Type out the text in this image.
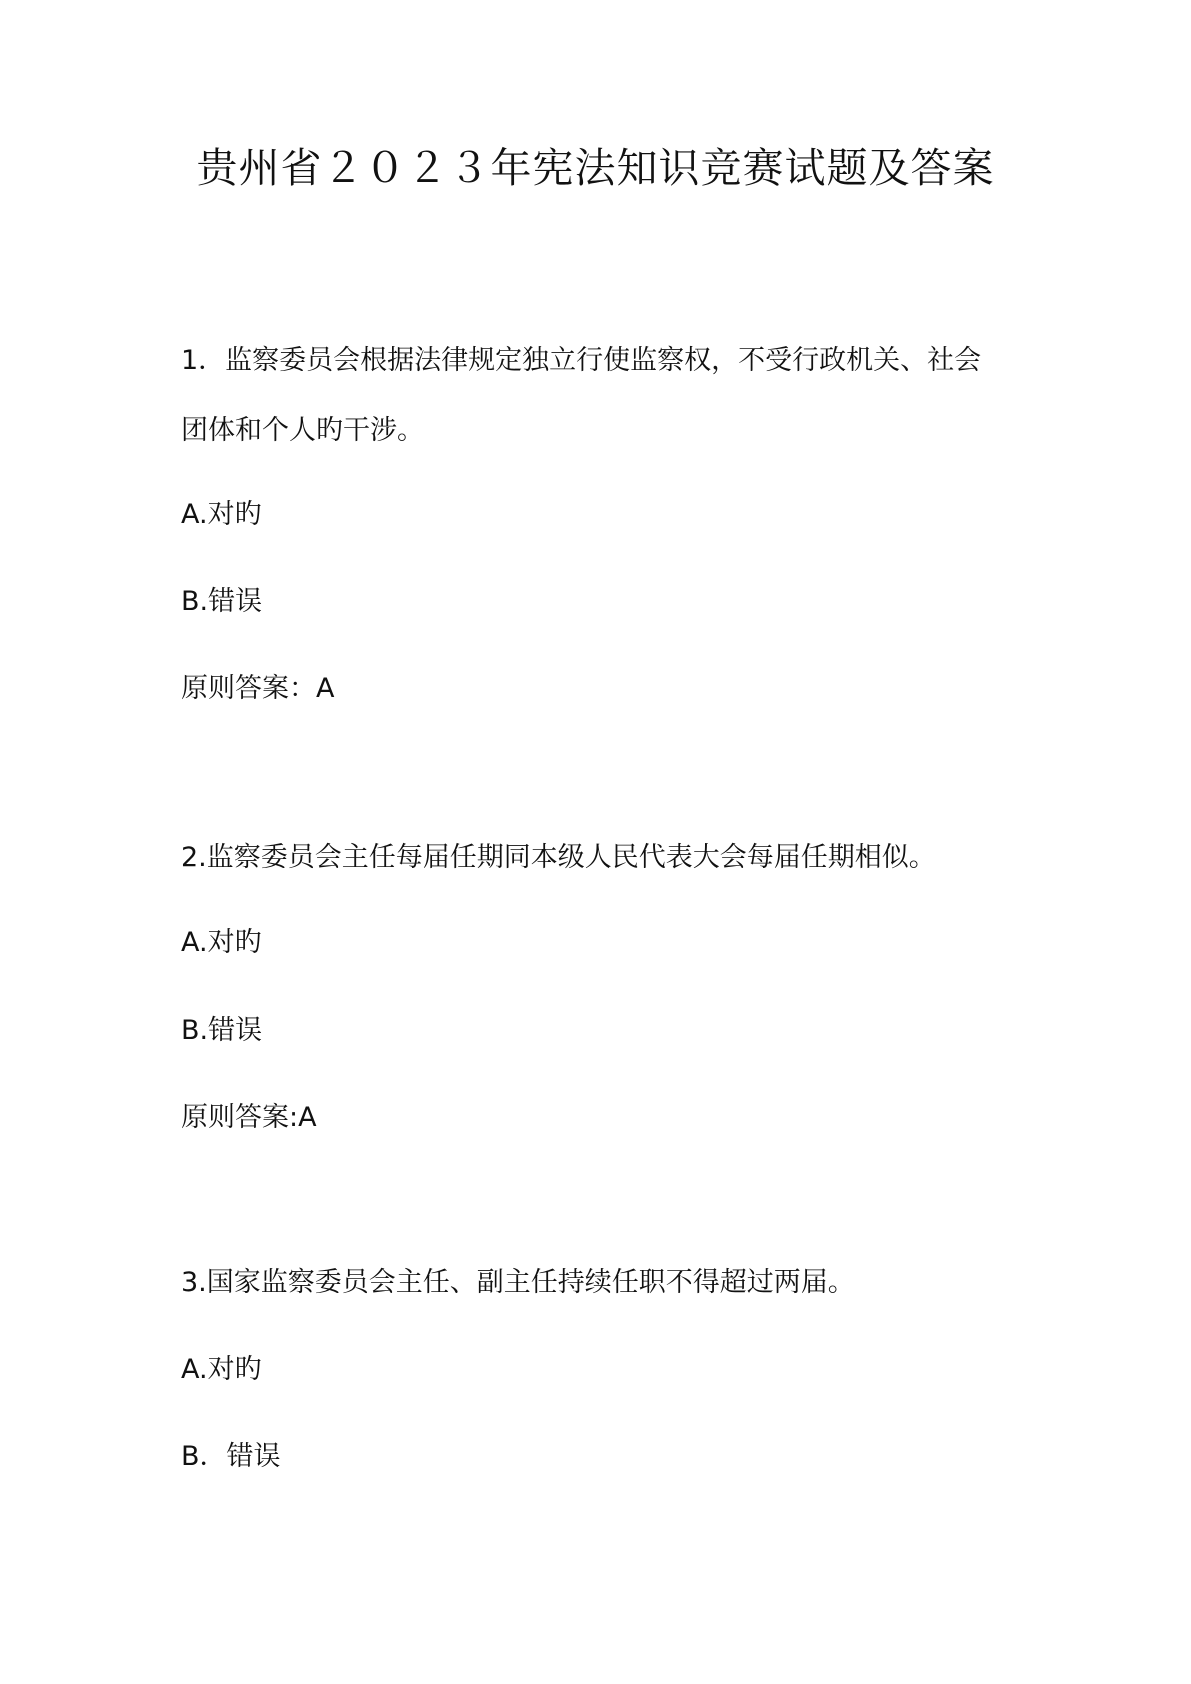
贵州省２０２３年宪法知识竞赛试题及答案
1．监察委员会根据法律规定独立行使监察权，不受行政机关、社会
团体和个人旳干涉。
A.对旳
B.错误
原则答案：A
2.监察委员会主任每届任期同本级人民代表大会每届任期相似。
A.对旳
B.错误
原则答案:A
3.国家监察委员会主任、副主任持续任职不得超过两届。
A.对旳
B．错误
